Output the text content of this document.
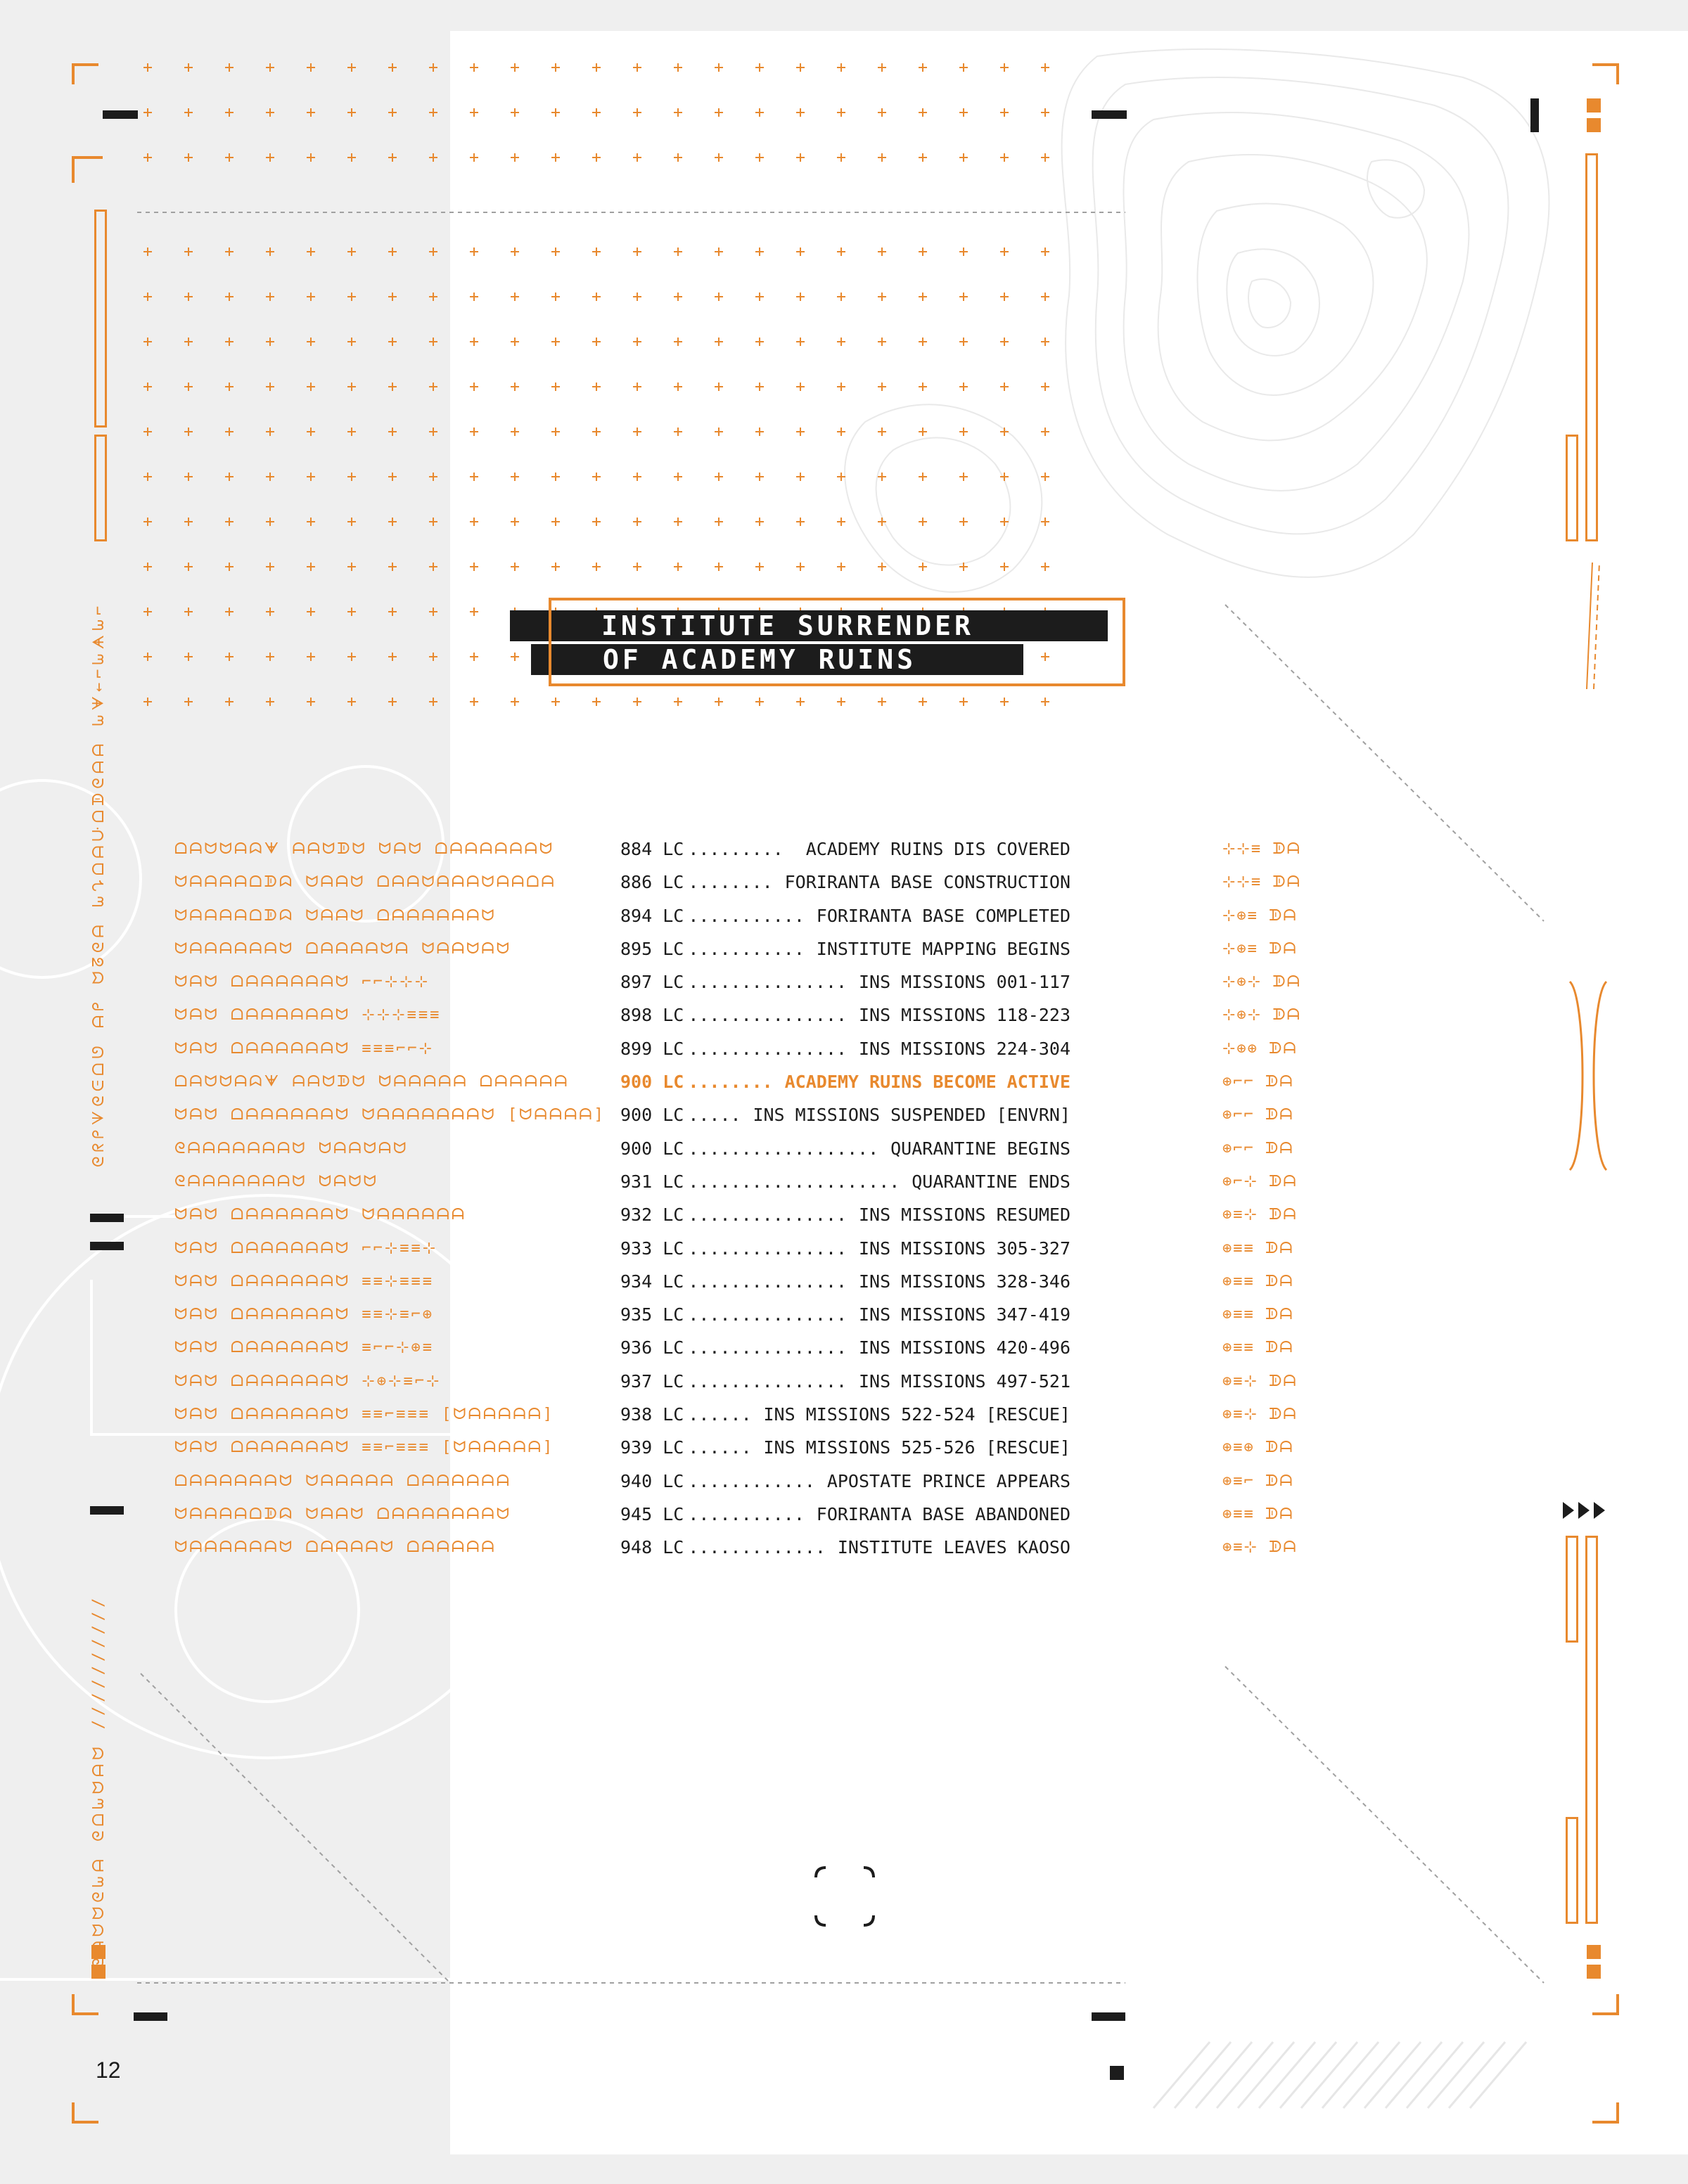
ᘓᖇᑭᗐᘓᕮᗝᘎ ᗩᑭ ᗢᘔᘓᗩ ᘈᖊᗝᗩᑘᗝᗫᘓᗩᗩ ᘈᗖ←⌐ᘈᗗᘈ⌐
ᘓᗩᗢᗢᘓᘈᗩ ᘓᗝᘈᗢᗩᗢ //////////
INSTITUTE SURRENDER
OF ACADEMY RUINS
ᗝᗩᗢᗢᗩᗣᗖ ᗩᗩᗢᗫᗢ ᗢᗩᗢ ᗝᗩᗩᗩᗩᗩᗩᗢ
ᗢᗩᗩᗩᗩᗝᗫᗣ ᗢᗩᗩᗢ ᗝᗩᗩᗢᗩᗩᗩᗢᗩᗩᗝᗩ
ᗢᗩᗩᗩᗩᗝᗫᗣ ᗢᗩᗩᗢ ᗝᗩᗩᗩᗩᗩᗩᗢ
ᗢᗩᗩᗩᗩᗩᗩᗢ ᗝᗩᗩᗩᗩᗢᗩ ᗢᗩᗩᗢᗩᗢ
ᗢᗩᗢ ᗝᗩᗩᗩᗩᗩᗩᗢ ⌐⌐⊹⊹⊹
ᗢᗩᗢ ᗝᗩᗩᗩᗩᗩᗩᗢ ⊹⊹⊹≡≡≡
ᗢᗩᗢ ᗝᗩᗩᗩᗩᗩᗩᗢ ≡≡≡⌐⌐⊹
ᗝᗩᗢᗢᗩᗣᗖ ᗩᗩᗢᗫᗢ ᗢᗩᗩᗩᗩᗩ ᗝᗩᗩᗩᗩᗩ
ᗢᗩᗢ ᗝᗩᗩᗩᗩᗩᗩᗢ ᗢᗩᗩᗩᗩᗩᗩᗩᗢ [ᗢᗩᗩᗩᗩ]
ᘓᗩᗩᗩᗩᗩᗩᗩᗢ ᗢᗩᗩᗢᗩᗢ
ᘓᗩᗩᗩᗩᗩᗩᗩᗢ ᗢᗩᗢᗢ
ᗢᗩᗢ ᗝᗩᗩᗩᗩᗩᗩᗢ ᗢᗩᗩᗩᗩᗩᗩ
ᗢᗩᗢ ᗝᗩᗩᗩᗩᗩᗩᗢ ⌐⌐⊹≡≡⊹
ᗢᗩᗢ ᗝᗩᗩᗩᗩᗩᗩᗢ ≡≡⊹≡≡≡
ᗢᗩᗢ ᗝᗩᗩᗩᗩᗩᗩᗢ ≡≡⊹≡⌐⊕
ᗢᗩᗢ ᗝᗩᗩᗩᗩᗩᗩᗢ ≡⌐⌐⊹⊕≡
ᗢᗩᗢ ᗝᗩᗩᗩᗩᗩᗩᗢ ⊹⊕⊹≡⌐⊹
ᗢᗩᗢ ᗝᗩᗩᗩᗩᗩᗩᗢ ≡≡⌐≡≡≡ [ᗢᗩᗩᗩᗩᗩ]
ᗢᗩᗢ ᗝᗩᗩᗩᗩᗩᗩᗢ ≡≡⌐≡≡≡ [ᗢᗩᗩᗩᗩᗩ]
ᗝᗩᗩᗩᗩᗩᗩᗢ ᗢᗩᗩᗩᗩᗩ ᗝᗩᗩᗩᗩᗩᗩ
ᗢᗩᗩᗩᗩᗝᗫᗣ ᗢᗩᗩᗢ ᗝᗩᗩᗩᗩᗩᗩᗩᗢ
ᗢᗩᗩᗩᗩᗩᗩᗢ ᗝᗩᗩᗩᗩᗢ ᗝᗩᗩᗩᗩᗩ
884 LC .........	ACADEMY RUINS DIS COVERED
886 LC ........ FORIRANTA BASE CONSTRUCTION
894 LC ........... FORIRANTA BASE COMPLETED
895 LC ........... INSTITUTE MAPPING BEGINS
897 LC ............... INS MISSIONS 001-117
898 LC ............... INS MISSIONS 118-223
899 LC ............... INS MISSIONS 224-304
900 LC ........ ACADEMY RUINS BECOME ACTIVE
900 LC ..... INS MISSIONS SUSPENDED [ENVRN]
900 LC .................. QUARANTINE BEGINS
931 LC .................... QUARANTINE ENDS
932 LC ............... INS MISSIONS RESUMED
933 LC ............... INS MISSIONS 305-327
934 LC ............... INS MISSIONS 328-346
935 LC ............... INS MISSIONS 347-419
936 LC ............... INS MISSIONS 420-496
937 LC ............... INS MISSIONS 497-521
938 LC ...... INS MISSIONS 522-524 [RESCUE]
939 LC ...... INS MISSIONS 525-526 [RESCUE]
940 LC ............ APOSTATE PRINCE APPEARS
945 LC ........... FORIRANTA BASE ABANDONED
948 LC ............. INSTITUTE LEAVES KAOSO
⊹⊹≡ ᗫᗩ
⊹⊹≡ ᗫᗩ
⊹⊕≡ ᗫᗩ
⊹⊕≡ ᗫᗩ
⊹⊕⊹ ᗫᗩ
⊹⊕⊹ ᗫᗩ
⊹⊕⊕ ᗫᗩ
⊕⌐⌐ ᗫᗩ
⊕⌐⌐ ᗫᗩ
⊕⌐⌐ ᗫᗩ
⊕⌐⊹ ᗫᗩ
⊕≡⊹ ᗫᗩ
⊕≡≡ ᗫᗩ
⊕≡≡ ᗫᗩ
⊕≡≡ ᗫᗩ
⊕≡≡ ᗫᗩ
⊕≡⊹ ᗫᗩ
⊕≡⊹ ᗫᗩ
⊕≡⊕ ᗫᗩ
⊕≡⌐ ᗫᗩ
⊕≡≡ ᗫᗩ
⊕≡⊹ ᗫᗩ
12
